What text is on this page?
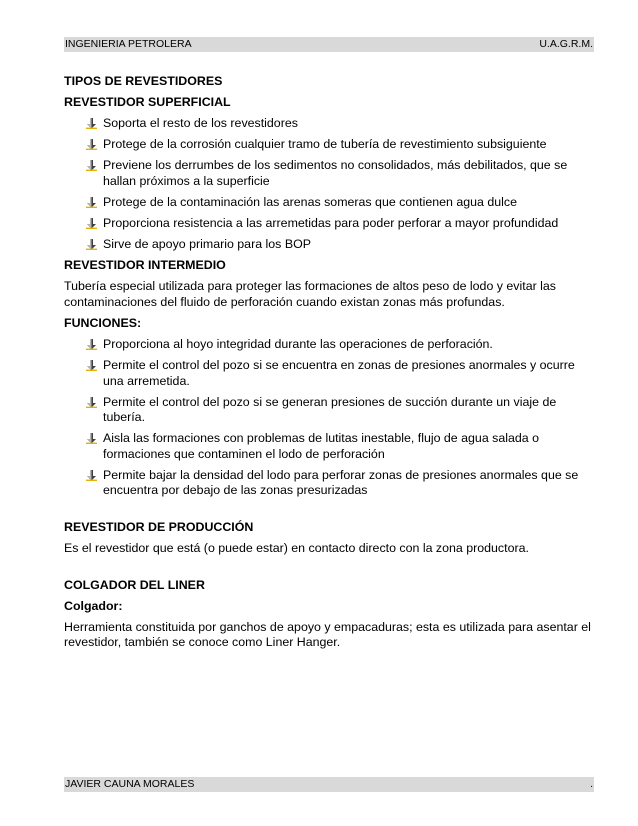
INGENIERIA PETROLERA	U.A.G.R.M.
TIPOS DE REVESTIDORES
REVESTIDOR SUPERFICIAL
Soporta el resto de los revestidores
Protege de la corrosión cualquier tramo de tubería de revestimiento subsiguiente
Previene los derrumbes de los sedimentos no consolidados, más debilitados, que se hallan próximos a la superficie
Protege de la contaminación las arenas someras que contienen agua dulce
Proporciona resistencia a las arremetidas para poder perforar a mayor profundidad
Sirve de apoyo primario para los BOP
REVESTIDOR INTERMEDIO
Tubería especial utilizada para proteger las formaciones de altos peso de lodo y evitar las contaminaciones del fluido de perforación cuando existan zonas más profundas.
FUNCIONES:
Proporciona al hoyo integridad durante las operaciones de perforación.
Permite el control del pozo si se encuentra en zonas de presiones anormales y ocurre una arremetida.
Permite el control del pozo si se generan presiones de succión durante un viaje de tubería.
Aisla las formaciones con problemas de lutitas inestable, flujo de agua salada o formaciones que contaminen el lodo de perforación
Permite bajar la densidad del lodo para perforar zonas de presiones anormales que se encuentra por debajo de las zonas presurizadas
REVESTIDOR DE PRODUCCIÓN
Es el revestidor que está (o puede estar) en contacto directo con la zona productora.
COLGADOR DEL LINER
Colgador:
Herramienta constituida por ganchos de apoyo y empacaduras; esta es utilizada para asentar el revestidor, también se conoce como Liner Hanger.
JAVIER CAUNA MORALES	.
